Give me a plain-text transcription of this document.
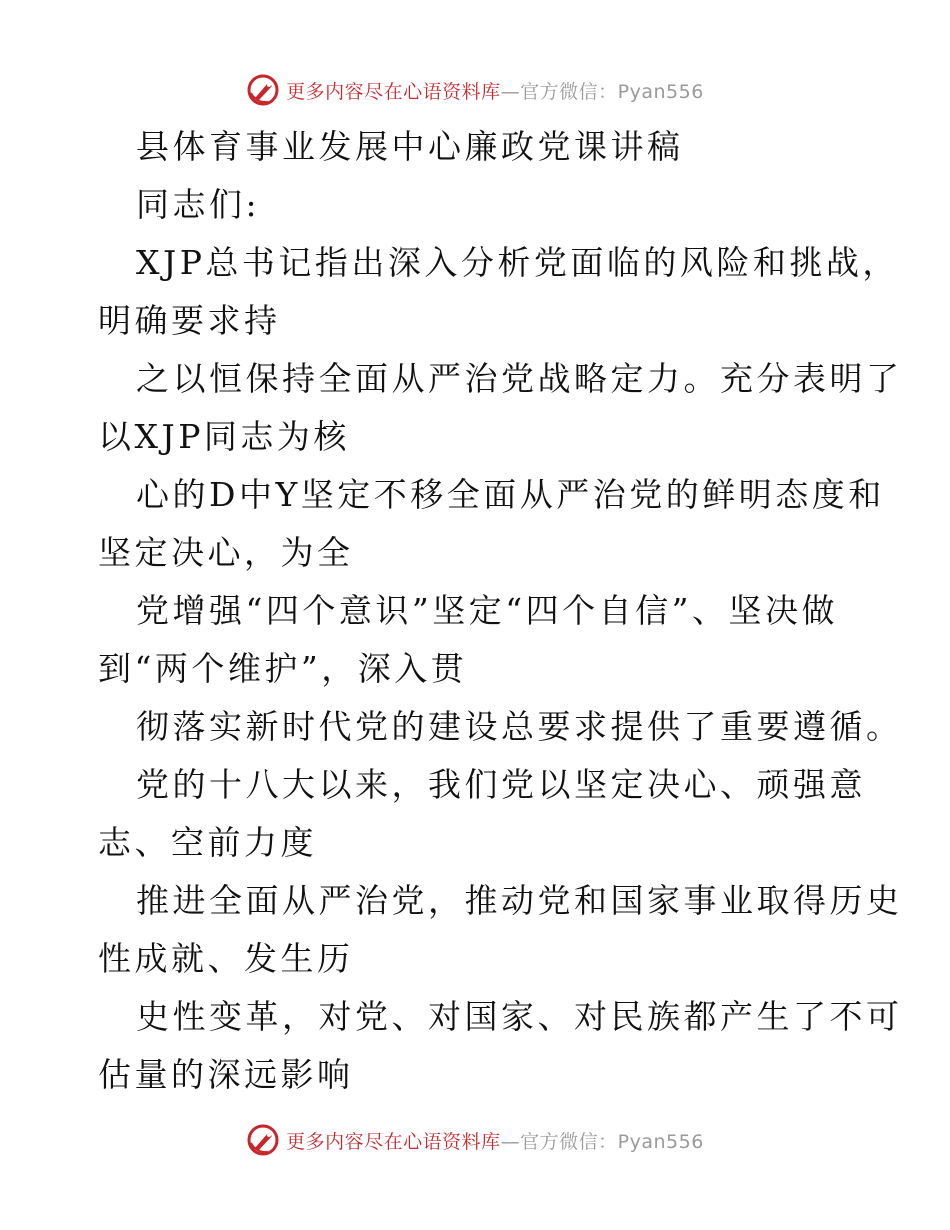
更多内容尽在心语资料库—官方微信：Pyan556
县体育事业发展中心廉政党课讲稿
同志们:
XJP总书记指出深入分析党面临的风险和挑战，
明确要求持
之以恒保持全面从严治党战略定力。充分表明了
以XJP同志为核
心的D中Y坚定不移全面从严治党的鲜明态度和
坚定决心，为全
党增强“四个意识”坚定“四个自信”、坚决做
到“两个维护”，深入贯
彻落实新时代党的建设总要求提供了重要遵循。
党的十八大以来，我们党以坚定决心、顽强意
志、空前力度
推进全面从严治党，推动党和国家事业取得历史
性成就、发生历
史性变革，对党、对国家、对民族都产生了不可
估量的深远影响
更多内容尽在心语资料库—官方微信：Pyan556
